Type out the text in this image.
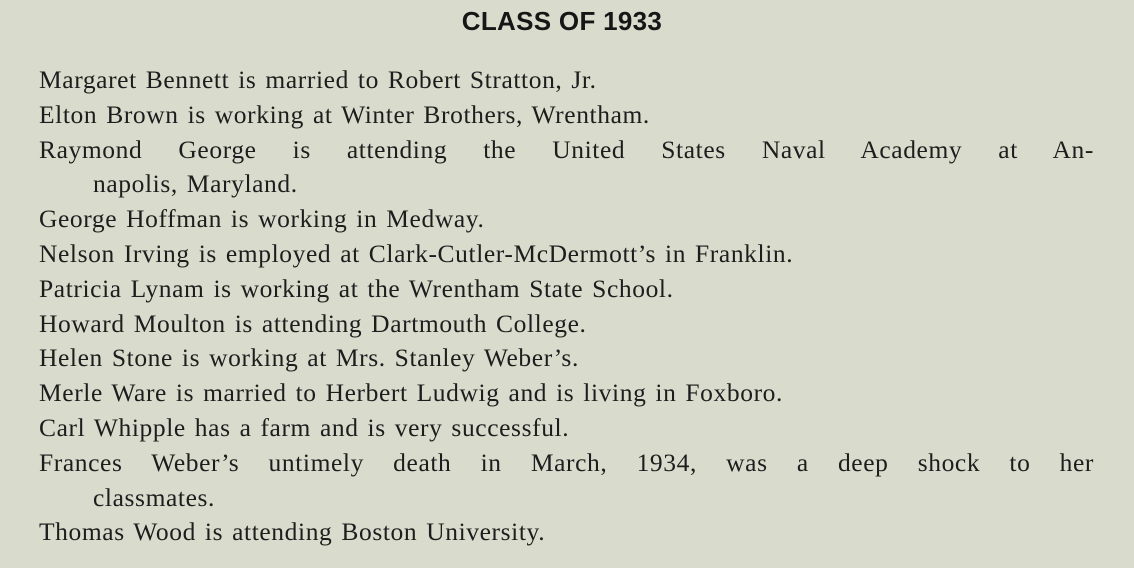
CLASS OF 1933
Margaret Bennett is married to Robert Stratton, Jr.
Elton Brown is working at Winter Brothers, Wrentham.
Raymond George is attending the United States Naval Academy at An-
napolis, Maryland.
George Hoffman is working in Medway.
Nelson Irving is employed at Clark-Cutler-McDermott’s in Franklin.
Patricia Lynam is working at the Wrentham State School.
Howard Moulton is attending Dartmouth College.
Helen Stone is working at Mrs. Stanley Weber’s.
Merle Ware is married to Herbert Ludwig and is living in Foxboro.
Carl Whipple has a farm and is very successful.
Frances Weber’s untimely death in March, 1934, was a deep shock to her
classmates.
Thomas Wood is attending Boston University.
